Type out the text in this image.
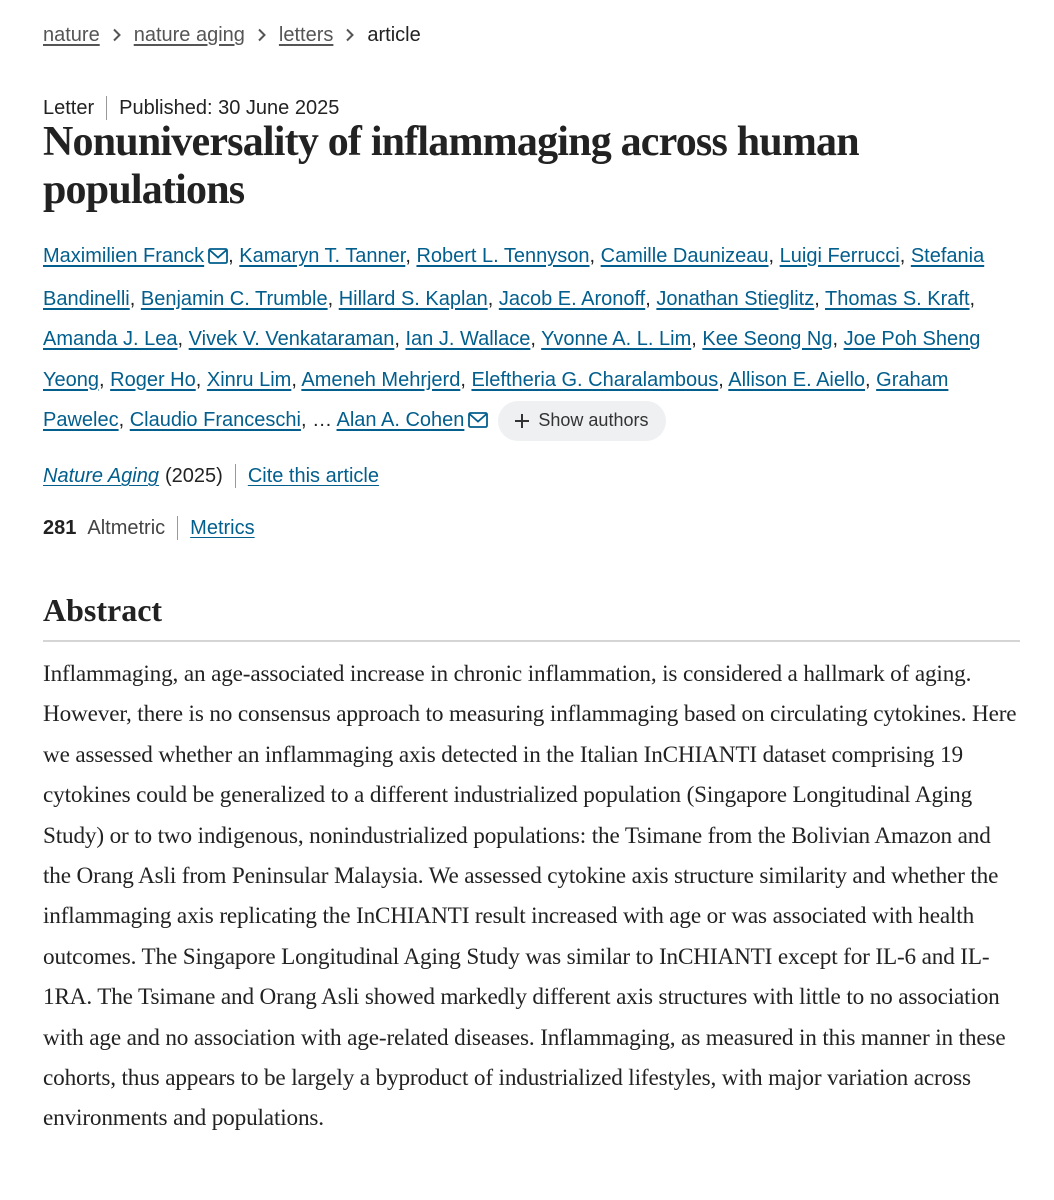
nature nature aging letters article
Letter Published: 30 June 2025
Nonuniversality of inflammaging across human populations
Maximilien Franck , Kamaryn T. Tanner, Robert L. Tennyson, Camille Daunizeau, Luigi Ferrucci, Stefania Bandinelli, Benjamin C. Trumble, Hillard S. Kaplan, Jacob E. Aronoff, Jonathan Stieglitz, Thomas S. Kraft, Amanda J. Lea, Vivek V. Venkataraman, Ian J. Wallace, Yvonne A. L. Lim, Kee Seong Ng, Joe Poh Sheng Yeong, Roger Ho, Xinru Lim, Ameneh Mehrjerd, Eleftheria G. Charalambous, Allison E. Aiello, Graham Pawelec, Claudio Franceschi, … Alan A. Cohen	Show authors
Nature Aging (2025) Cite this article
281 Altmetric Metrics
Abstract

Inflammaging, an age-associated increase in chronic inflammation, is considered a hallmark of aging. However, there is no consensus approach to measuring inflammaging based on circulating cytokines. Here we assessed whether an inflammaging axis detected in the Italian InCHIANTI dataset comprising 19 cytokines could be generalized to a different industrialized population (Singapore Longitudinal Aging Study) or to two indigenous, nonindustrialized populations: the Tsimane from the Bolivian Amazon and the Orang Asli from Peninsular Malaysia. We assessed cytokine axis structure similarity and whether the inflammaging axis replicating the InCHIANTI result increased with age or was associated with health outcomes. The Singapore Longitudinal Aging Study was similar to InCHIANTI except for IL-6 and IL-1RA. The Tsimane and Orang Asli showed markedly different axis structures with little to no association with age and no association with age-related diseases. Inflammaging, as measured in this manner in these cohorts, thus appears to be largely a byproduct of industrialized lifestyles, with major variation across environments and populations.
